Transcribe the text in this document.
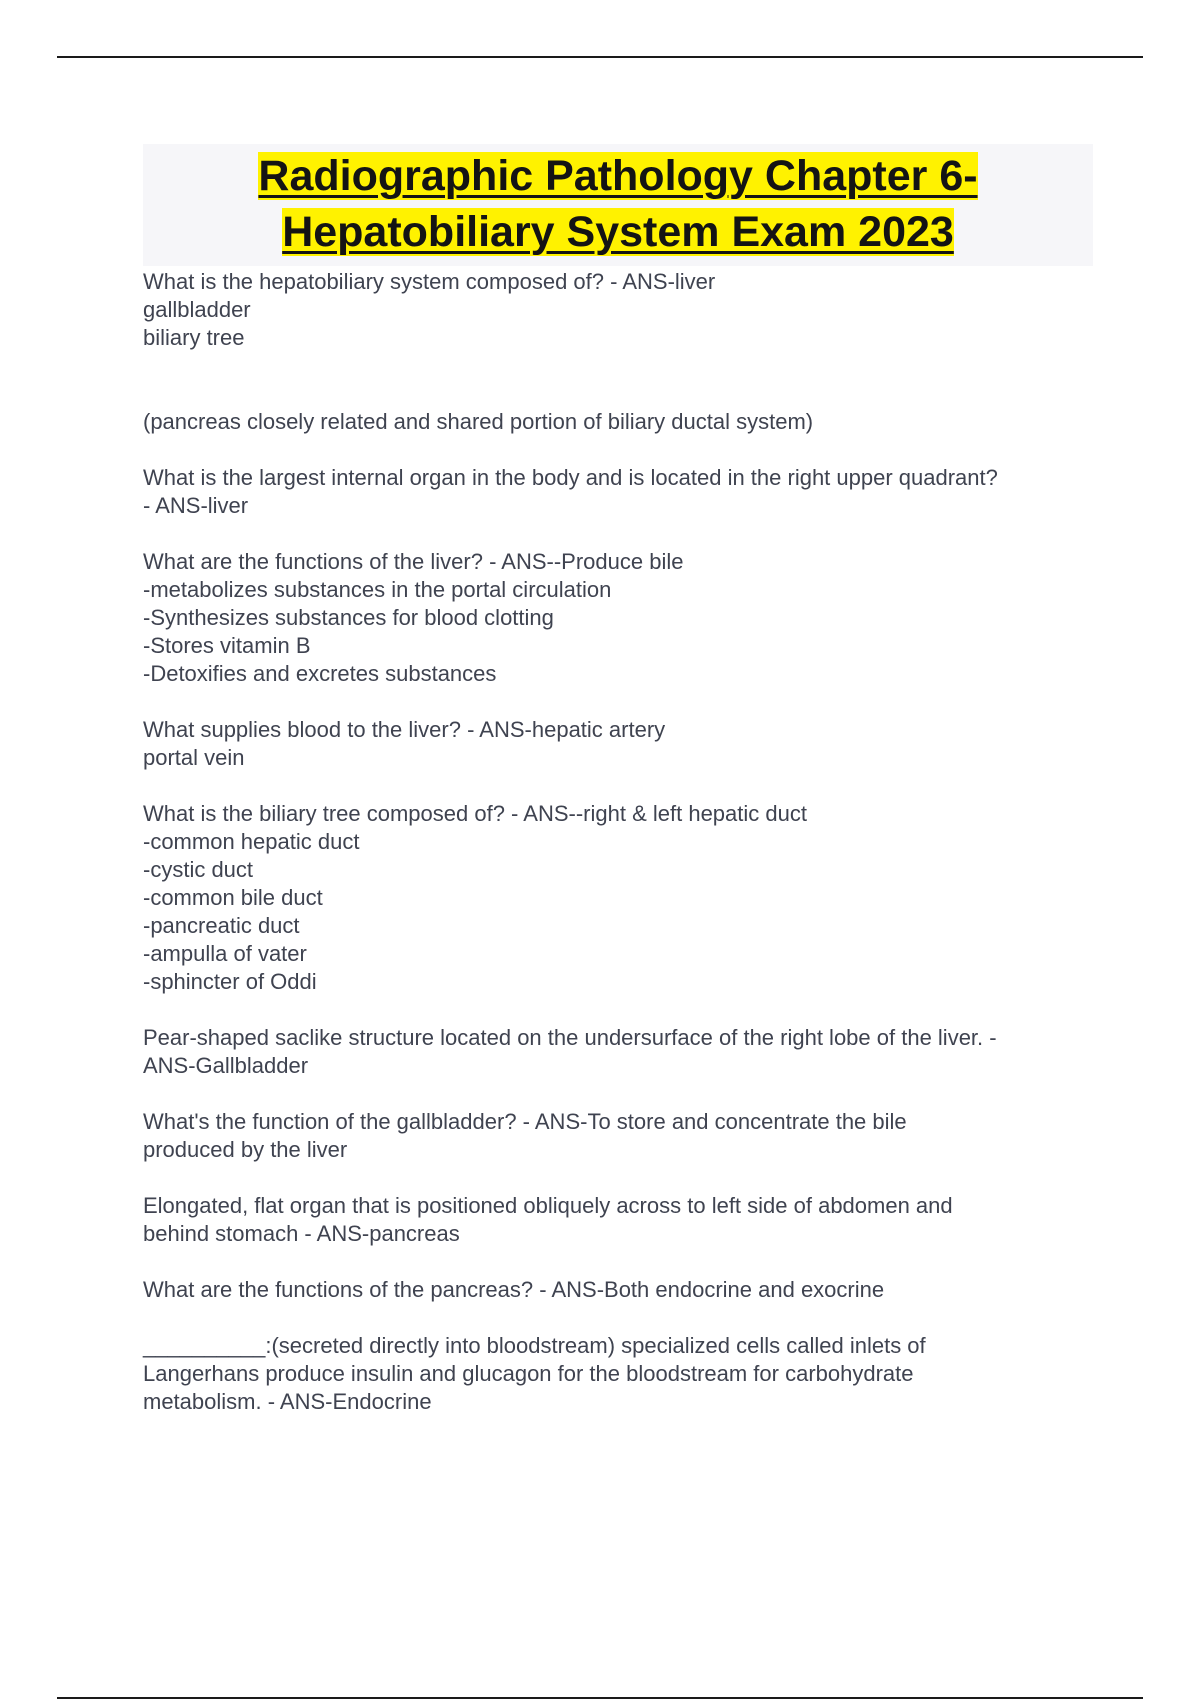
Radiographic Pathology Chapter 6-
Hepatobiliary System Exam 2023
What is the hepatobiliary system composed of? - ANS-liver
gallbladder
biliary tree
(pancreas closely related and shared portion of biliary ductal system)
What is the largest internal organ in the body and is located in the right upper quadrant?
- ANS-liver
What are the functions of the liver? - ANS--Produce bile
-metabolizes substances in the portal circulation
-Synthesizes substances for blood clotting
-Stores vitamin B
-Detoxifies and excretes substances
What supplies blood to the liver? - ANS-hepatic artery
portal vein
What is the biliary tree composed of? - ANS--right & left hepatic duct
-common hepatic duct
-cystic duct
-common bile duct
-pancreatic duct
-ampulla of vater
-sphincter of Oddi
Pear-shaped saclike structure located on the undersurface of the right lobe of the liver. -
ANS-Gallbladder
What's the function of the gallbladder? - ANS-To store and concentrate the bile
produced by the liver
Elongated, flat organ that is positioned obliquely across to left side of abdomen and
behind stomach - ANS-pancreas
What are the functions of the pancreas? - ANS-Both endocrine and exocrine
__________:(secreted directly into bloodstream) specialized cells called inlets of
Langerhans produce insulin and glucagon for the bloodstream for carbohydrate
metabolism. - ANS-Endocrine
